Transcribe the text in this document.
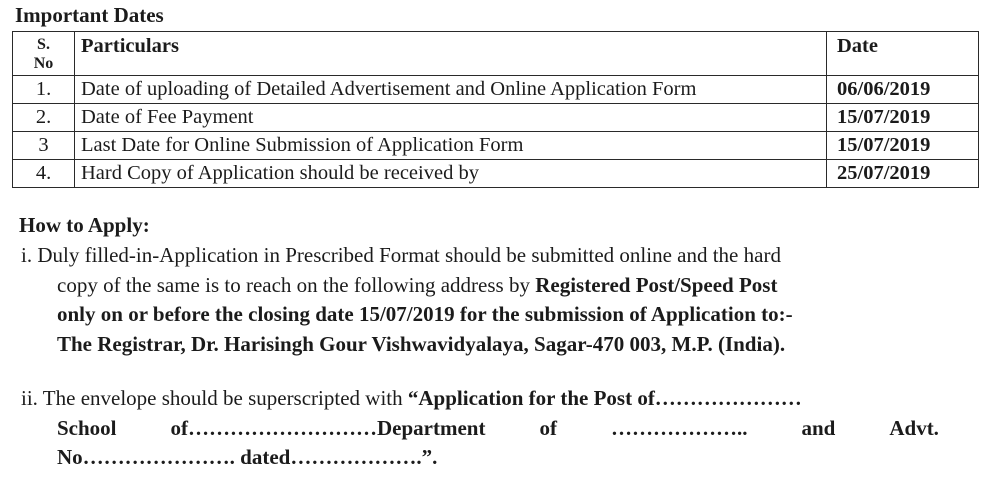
Important Dates
S.
No	Particulars	Date
1.	Date of uploading of Detailed Advertisement and Online Application Form	06/06/2019
2.	Date of Fee Payment	15/07/2019
3	Last Date for Online Submission of Application Form	15/07/2019
4.	Hard Copy of Application should be received by	25/07/2019
How to Apply:
i. Duly filled-in-Application in Prescribed Format should be submitted online and the hard
copy of the same is to reach on the following address by Registered Post/Speed Post
only on or before the closing date 15/07/2019 for the submission of Application to:-
The Registrar, Dr. Harisingh Gour Vishwavidyalaya, Sagar-470 003, M.P. (India).
ii. The envelope should be superscripted with “Application for the Post of…………………
School	of………………………Department	of	………………..	and	Advt.
No…………………. dated……………….”.
